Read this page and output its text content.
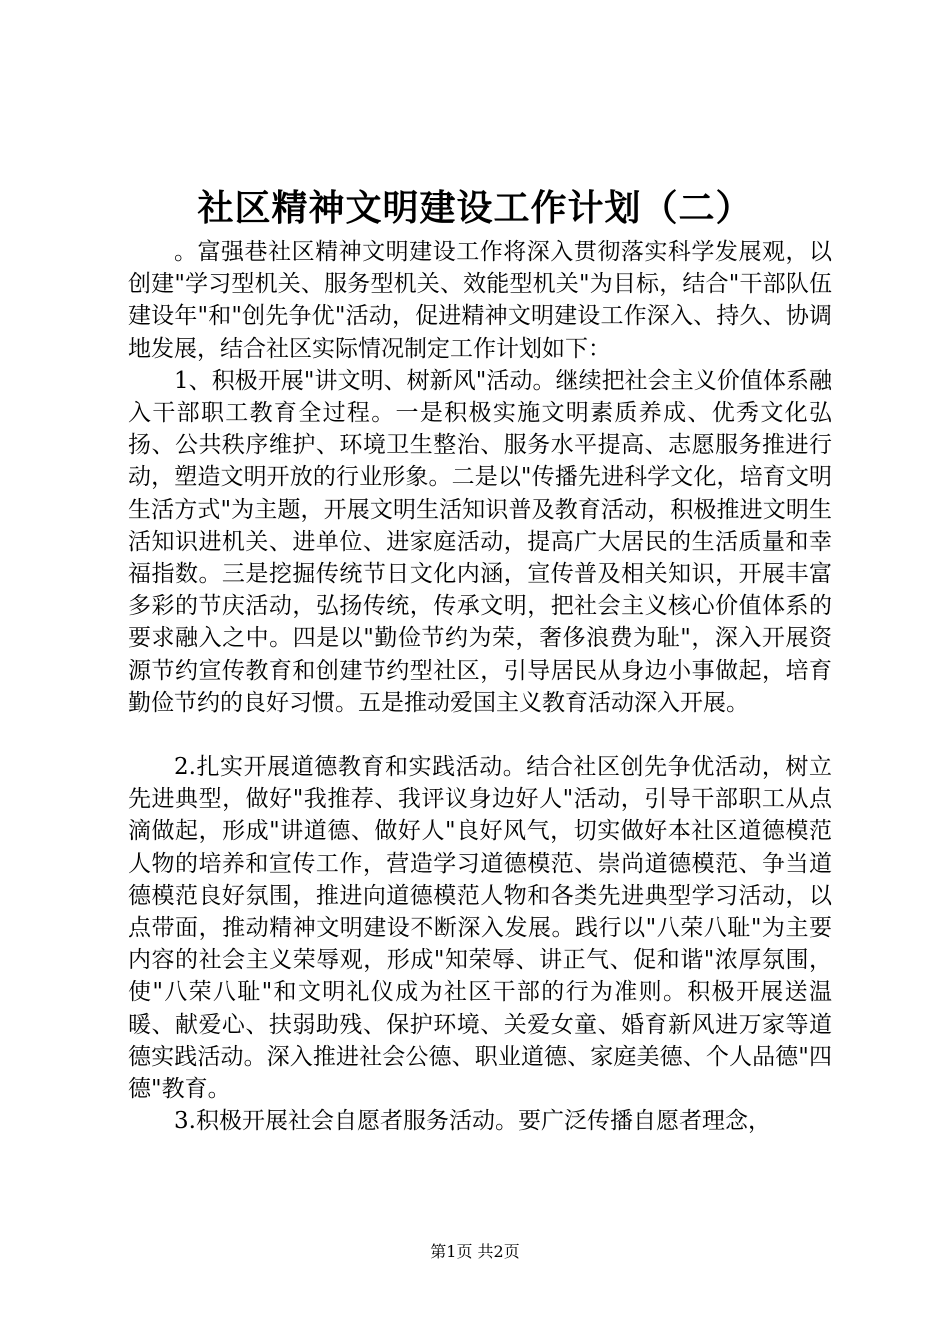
社区精神文明建设工作计划（二）

。富强巷社区精神文明建设工作将深入贯彻落实科学发展观，以创建"学习型机关、服务型机关、效能型机关"为目标，结合"干部队伍建设年"和"创先争优"活动，促进精神文明建设工作深入、持久、协调地发展，结合社区实际情况制定工作计划如下：

1、积极开展"讲文明、树新风"活动。继续把社会主义价值体系融入干部职工教育全过程。一是积极实施文明素质养成、优秀文化弘扬、公共秩序维护、环境卫生整治、服务水平提高、志愿服务推进行动，塑造文明开放的行业形象。二是以"传播先进科学文化，培育文明生活方式"为主题，开展文明生活知识普及教育活动，积极推进文明生活知识进机关、进单位、进家庭活动，提高广大居民的生活质量和幸福指数。三是挖掘传统节日文化内涵，宣传普及相关知识，开展丰富多彩的节庆活动，弘扬传统，传承文明，把社会主义核心价值体系的要求融入之中。四是以"勤俭节约为荣，奢侈浪费为耻"，深入开展资源节约宣传教育和创建节约型社区，引导居民从身边小事做起，培育勤俭节约的良好习惯。五是推动爱国主义教育活动深入开展。

2.扎实开展道德教育和实践活动。结合社区创先争优活动，树立先进典型，做好"我推荐、我评议身边好人"活动，引导干部职工从点滴做起，形成"讲道德、做好人"良好风气，切实做好本社区道德模范人物的培养和宣传工作，营造学习道德模范、崇尚道德模范、争当道德模范良好氛围，推进向道德模范人物和各类先进典型学习活动，以点带面，推动精神文明建设不断深入发展。践行以"八荣八耻"为主要内容的社会主义荣辱观，形成"知荣辱、讲正气、促和谐"浓厚氛围，使"八荣八耻"和文明礼仪成为社区干部的行为准则。积极开展送温暖、献爱心、扶弱助残、保护环境、关爱女童、婚育新风进万家等道德实践活动。深入推进社会公德、职业道德、家庭美德、个人品德"四德"教育。

3.积极开展社会自愿者服务活动。要广泛传播自愿者理念，

第1页 共2页
